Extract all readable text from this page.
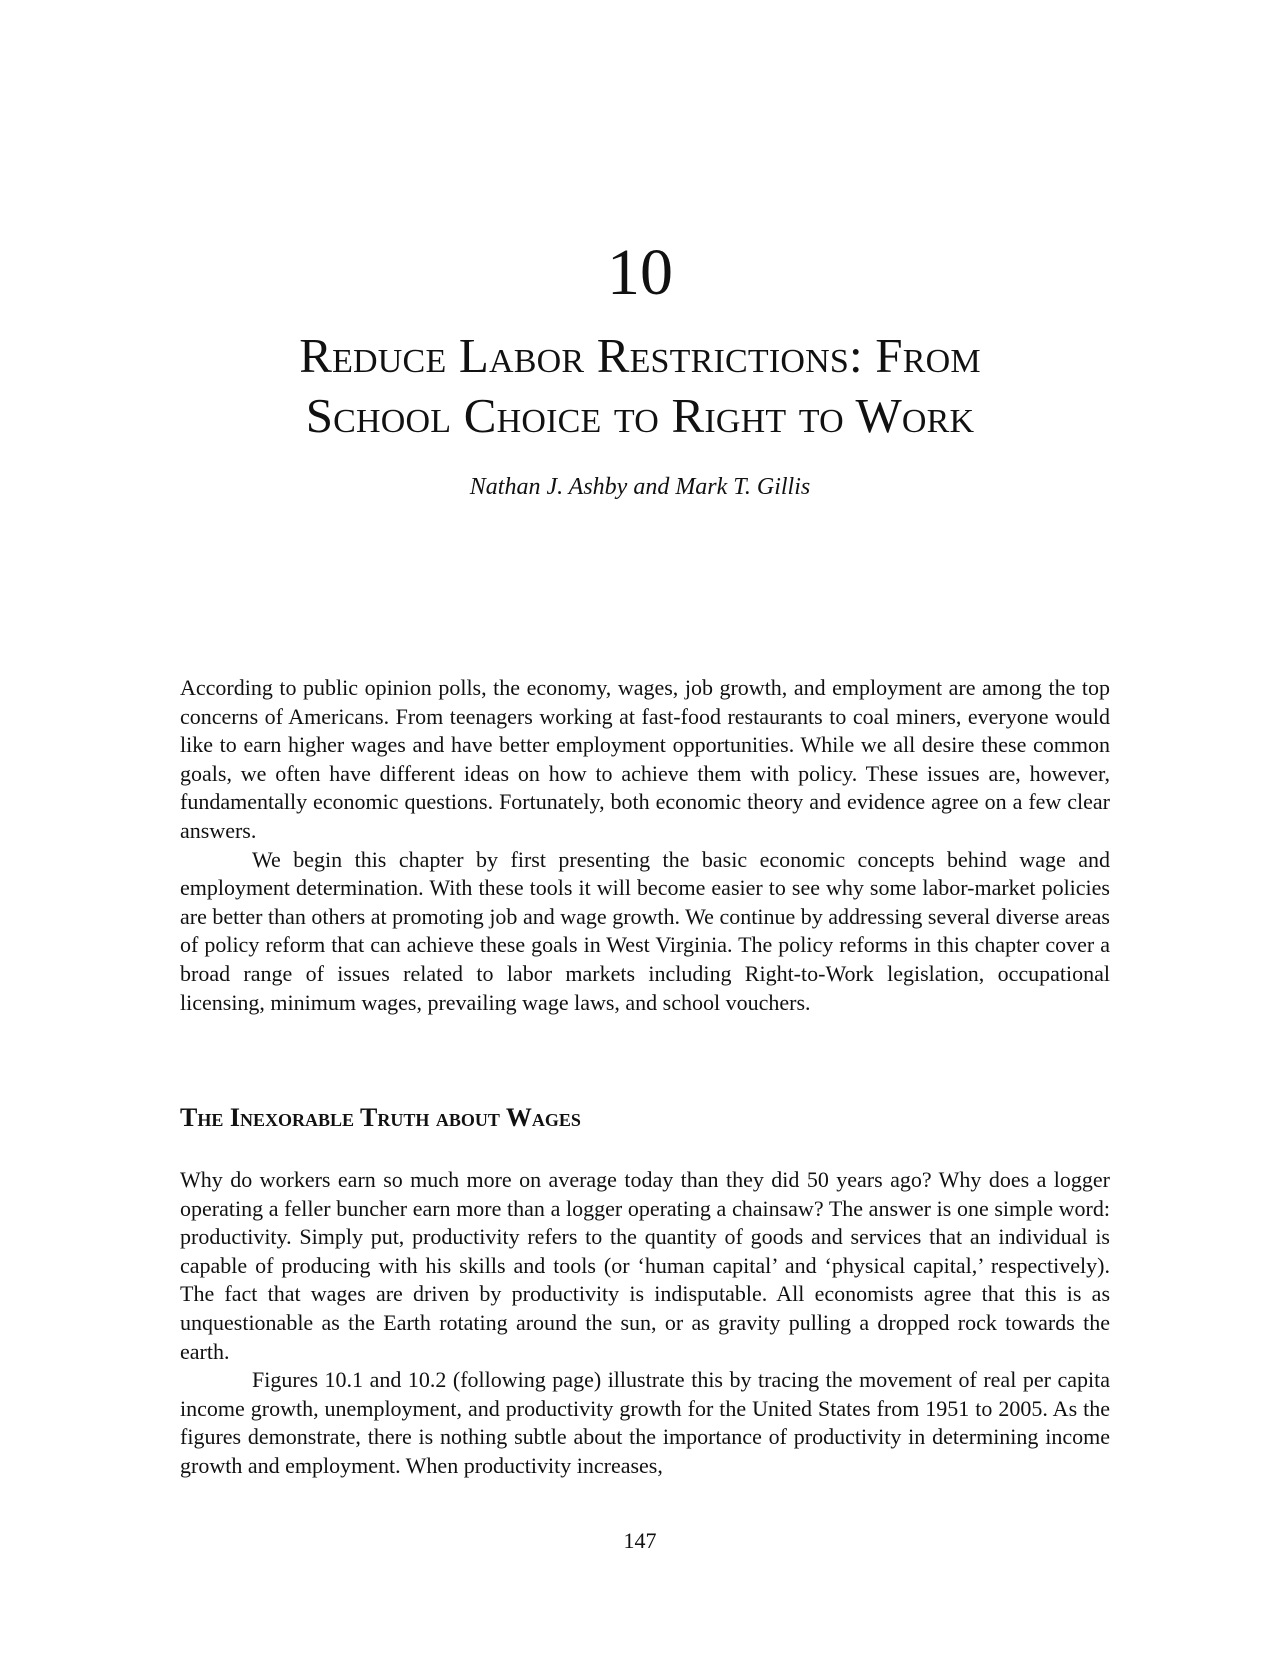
10
Reduce Labor Restrictions: From
School Choice to Right to Work
Nathan J. Ashby and Mark T. Gillis

According to public opinion polls, the economy, wages, job growth, and employment are among the top concerns of Americans. From teenagers working at fast-food restaurants to coal miners, everyone would like to earn higher wages and have better employment opportunities. While we all desire these common goals, we often have different ideas on how to achieve them with policy. These issues are, however, fundamentally economic questions. Fortunately, both economic theory and evidence agree on a few clear answers.

We begin this chapter by first presenting the basic economic concepts behind wage and employment determination. With these tools it will become easier to see why some labor-market policies are better than others at promoting job and wage growth. We continue by addressing several diverse areas of policy reform that can achieve these goals in West Virginia. The policy reforms in this chapter cover a broad range of issues related to labor markets including Right-to-Work legislation, occupational licensing, minimum wages, prevailing wage laws, and school vouchers.

The Inexorable Truth about Wages

Why do workers earn so much more on average today than they did 50 years ago? Why does a logger operating a feller buncher earn more than a logger operating a chainsaw? The answer is one simple word: productivity. Simply put, productivity refers to the quantity of goods and services that an individual is capable of producing with his skills and tools (or ‘human capital’ and ‘physical capital,’ respectively). The fact that wages are driven by productivity is indisputable. All economists agree that this is as unquestionable as the Earth rotating around the sun, or as gravity pulling a dropped rock towards the earth.

Figures 10.1 and 10.2 (following page) illustrate this by tracing the movement of real per capita income growth, unemployment, and productivity growth for the United States from 1951 to 2005. As the figures demonstrate, there is nothing subtle about the importance of productivity in determining income growth and employment. When productivity increases,

147
